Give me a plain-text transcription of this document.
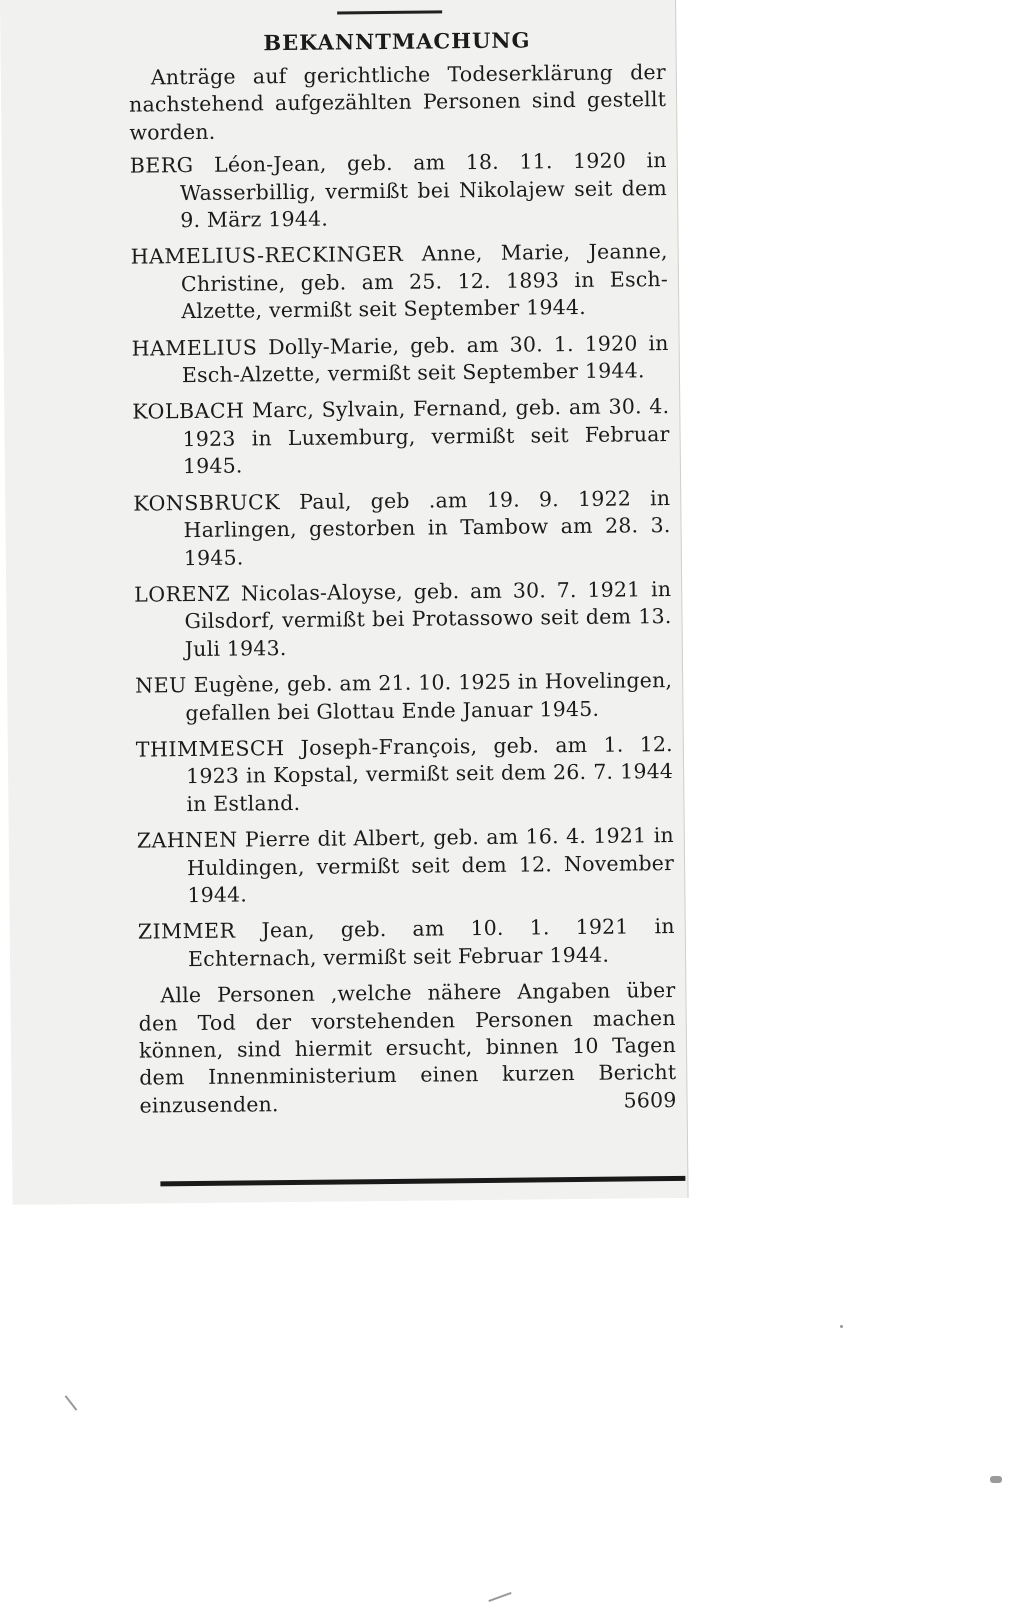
BEKANNTMACHUNG

Anträge auf gerichtliche Todeserklärung der nachstehend aufgezählten Personen sind gestellt worden.

BERG Léon-Jean, geb. am 18. 11. 1920 in Wasserbillig, vermißt bei Nikolajew seit dem 9. März 1944.

HAMELIUS-RECKINGER Anne, Marie, Jeanne, Christine, geb. am 25. 12. 1893 in Esch-Alzette, vermißt seit September 1944.

HAMELIUS Dolly-Marie, geb. am 30. 1. 1920 in Esch-Alzette, vermißt seit September 1944.

KOLBACH Marc, Sylvain, Fernand, geb. am 30. 4. 1923 in Luxemburg, vermißt seit Februar 1945.

KONSBRUCK Paul, geb .am 19. 9. 1922 in Harlingen, gestorben in Tambow am 28. 3. 1945.

LORENZ Nicolas-Aloyse, geb. am 30. 7. 1921 in Gilsdorf, vermißt bei Protassowo seit dem 13. Juli 1943.

NEU Eugène, geb. am 21. 10. 1925 in Hovelingen, gefallen bei Glottau Ende Januar 1945.

THIMMESCH Joseph-François, geb. am 1. 12. 1923 in Kopstal, vermißt seit dem 26. 7. 1944 in Estland.

ZAHNEN Pierre dit Albert, geb. am 16. 4. 1921 in Huldingen, vermißt seit dem 12. November 1944.

ZIMMER Jean, geb. am 10. 1. 1921 in Echternach, vermißt seit Februar 1944.

Alle Personen ,welche nähere Angaben über den Tod der vorstehenden Personen machen können, sind hiermit ersucht, binnen 10 Tagen dem Innenministerium einen kurzen Bericht einzusenden.	5609
